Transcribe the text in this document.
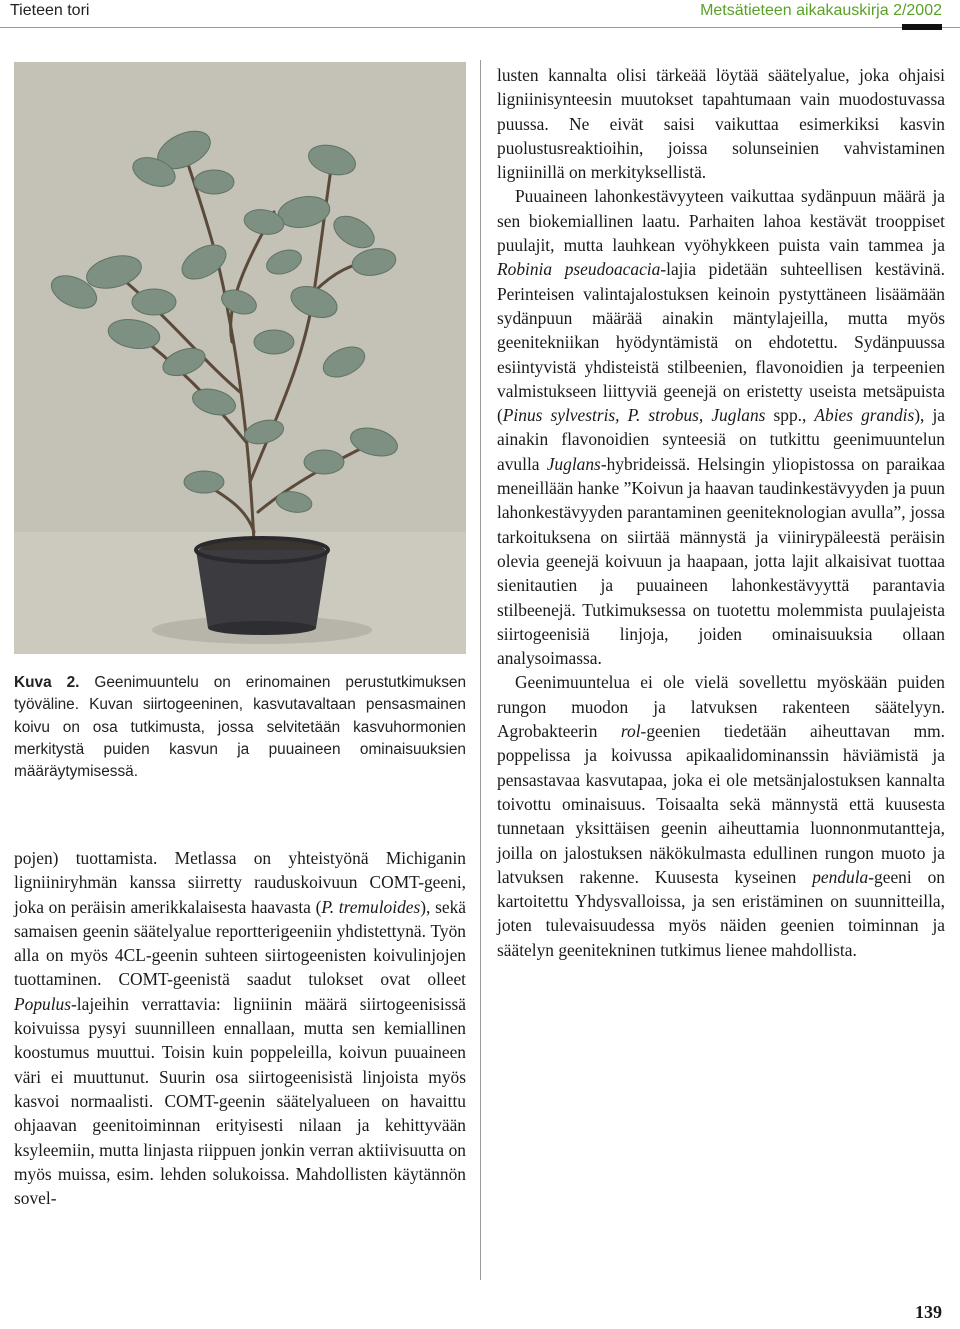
Tieteen tori	Metsätieteen aikakauskirja 2/2002
Kuva 2. Geenimuuntelu on erinomainen perustutkimuksen työväline. Kuvan siirtogeeninen, kasvutavaltaan pensasmainen koivu on osa tutkimusta, jossa selvitetään kasvuhormonien merkitystä puiden kasvun ja puuaineen ominaisuuksien määräytymisessä.

pojen) tuottamista. Metlassa on yhteistyönä Michiganin ligniiniryhmän kanssa siirretty rauduskoivuun COMT-geeni, joka on peräisin amerikkalaisesta haavasta (P. tremuloides), sekä samaisen geenin säätelyalue reportterigeeniin yhdistettynä. Työn alla on myös 4CL-geenin suhteen siirtogeenisten koivulinjojen tuottaminen. COMT-geenistä saadut tulokset ovat olleet Populus-lajeihin verrattavia: ligniinin määrä siirtogeenisissä koivuissa pysyi suunnilleen ennallaan, mutta sen kemiallinen koostumus muuttui. Toisin kuin poppeleilla, koivun puuaineen väri ei muuttunut. Suurin osa siirtogeenisistä linjoista myös kasvoi normaalisti. COMT-geenin säätelyalueen on havaittu ohjaavan geenitoiminnan erityisesti nilaan ja kehittyvään ksyleemiin, mutta linjasta riippuen jonkin verran aktiivisuutta on myös muissa, esim. lehden solukoissa. Mahdollisten käytännön sovel-

lusten kannalta olisi tärkeää löytää säätelyalue, joka ohjaisi ligniinisynteesin muutokset tapahtumaan vain muodostuvassa puussa. Ne eivät saisi vaikuttaa esimerkiksi kasvin puolustusreaktioihin, joissa solunseinien vahvistaminen ligniinillä on merkityksellistä.

Puuaineen lahonkestävyyteen vaikuttaa sydänpuun määrä ja sen biokemiallinen laatu. Parhaiten lahoa kestävät trooppiset puulajit, mutta lauhkean vyöhykkeen puista vain tammea ja Robinia pseudoacacia-lajia pidetään suhteellisen kestävinä. Perinteisen valintajalostuksen keinoin pystyttäneen lisäämään sydänpuun määrää ainakin mäntylajeilla, mutta myös geenitekniikan hyödyntämistä on ehdotettu. Sydänpuussa esiintyvistä yhdisteistä stilbeenien, flavonoidien ja terpeenien valmistukseen liittyviä geenejä on eristetty useista metsäpuista (Pinus sylvestris, P. strobus, Juglans spp., Abies grandis), ja ainakin flavonoidien synteesiä on tutkittu geenimuuntelun avulla Juglans-hybrideissä. Helsingin yliopistossa on paraikaa meneillään hanke ”Koivun ja haavan taudinkestävyyden ja puun lahonkestävyyden parantaminen geeniteknologian avulla”, jossa tarkoituksena on siirtää männystä ja viinirypäleestä peräisin olevia geenejä koivuun ja haapaan, jotta lajit alkaisivat tuottaa sienitautien ja puuaineen lahonkestävyyttä parantavia stilbeenejä. Tutkimuksessa on tuotettu molemmista puulajeista siirtogeenisiä linjoja, joiden ominaisuuksia ollaan analysoimassa.

Geenimuuntelua ei ole vielä sovellettu myöskään puiden rungon muodon ja latvuksen rakenteen säätelyyn. Agrobakteerin rol-geenien tiedetään aiheuttavan mm. poppelissa ja koivussa apikaalidominanssin häviämistä ja pensastavaa kasvutapaa, joka ei ole metsänjalostuksen kannalta toivottu ominaisuus. Toisaalta sekä männystä että kuusesta tunnetaan yksittäisen geenin aiheuttamia luonnonmutantteja, joilla on jalostuksen näkökulmasta edullinen rungon muoto ja latvuksen rakenne. Kuusesta kyseinen pendula-geeni on kartoitettu Yhdysvalloissa, ja sen eristäminen on suunnitteilla, joten tulevaisuudessa myös näiden geenien toiminnan ja säätelyn geenitekninen tutkimus lienee mahdollista.

139
